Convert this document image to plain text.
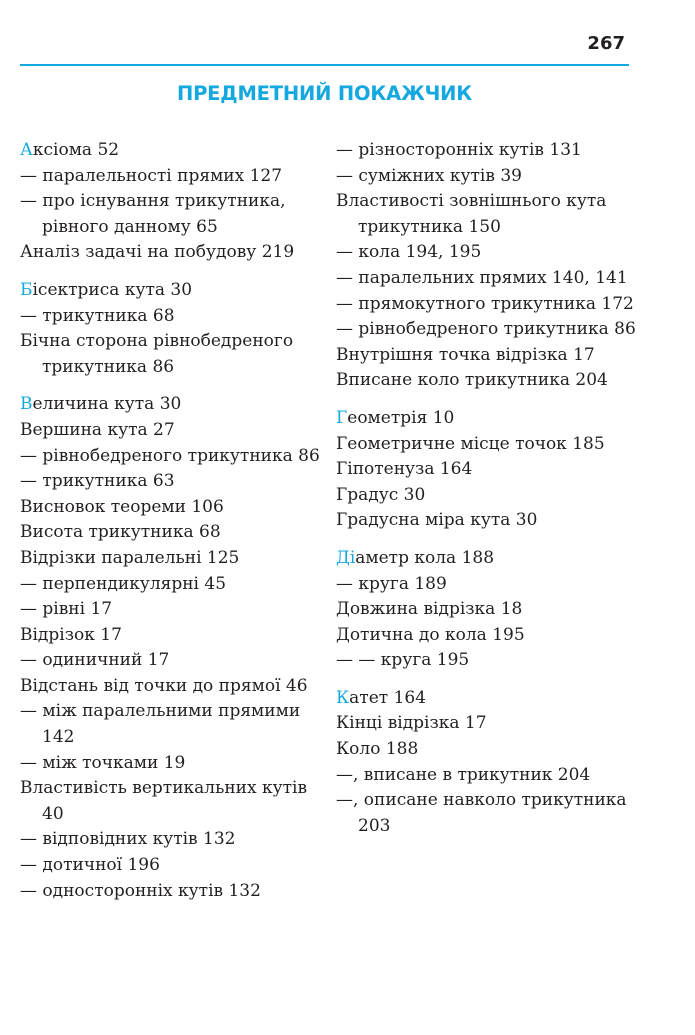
267
ПРЕДМЕТНИЙ ПОКАЖЧИК
Аксіома 52
— паралельності прямих 127
— про існування трикутника, рівного данному 65
Аналіз задачі на побудову 219
Бісектриса кута 30
— трикутника 68
Бічна сторона рівнобедреного трикутника 86
Величина кута 30
Вершина кута 27
— рівнобедреного трикутника 86
— трикутника 63
Висновок теореми 106
Висота трикутника 68
Відрізки паралельні 125
— перпендикулярні 45
— рівні 17
Відрізок 17
— одиничний 17
Відстань від точки до прямої 46
— між паралельними прямими 142
— між точками 19
Властивість вертикальних кутів 40
— відповідних кутів 132
— дотичної 196
— односторонніх кутів 132
— різносторонніх кутів 131
— суміжних кутів 39
Властивості зовнішнього кута трикутника 150
— кола 194, 195
— паралельних прямих 140, 141
— прямокутного трикутника 172
— рівнобедреного трикутника 86
Внутрішня точка відрізка 17
Вписане коло трикутника 204
Геометрія 10
Геометричне місце точок 185
Гіпотенуза 164
Градус 30
Градусна міра кута 30
Діаметр кола 188
— круга 189
Довжина відрізка 18
Дотична до кола 195
— — круга 195
Катет 164
Кінці відрізка 17
Коло 188
—, вписане в трикутник 204
—, описане навколо трикутника 203
